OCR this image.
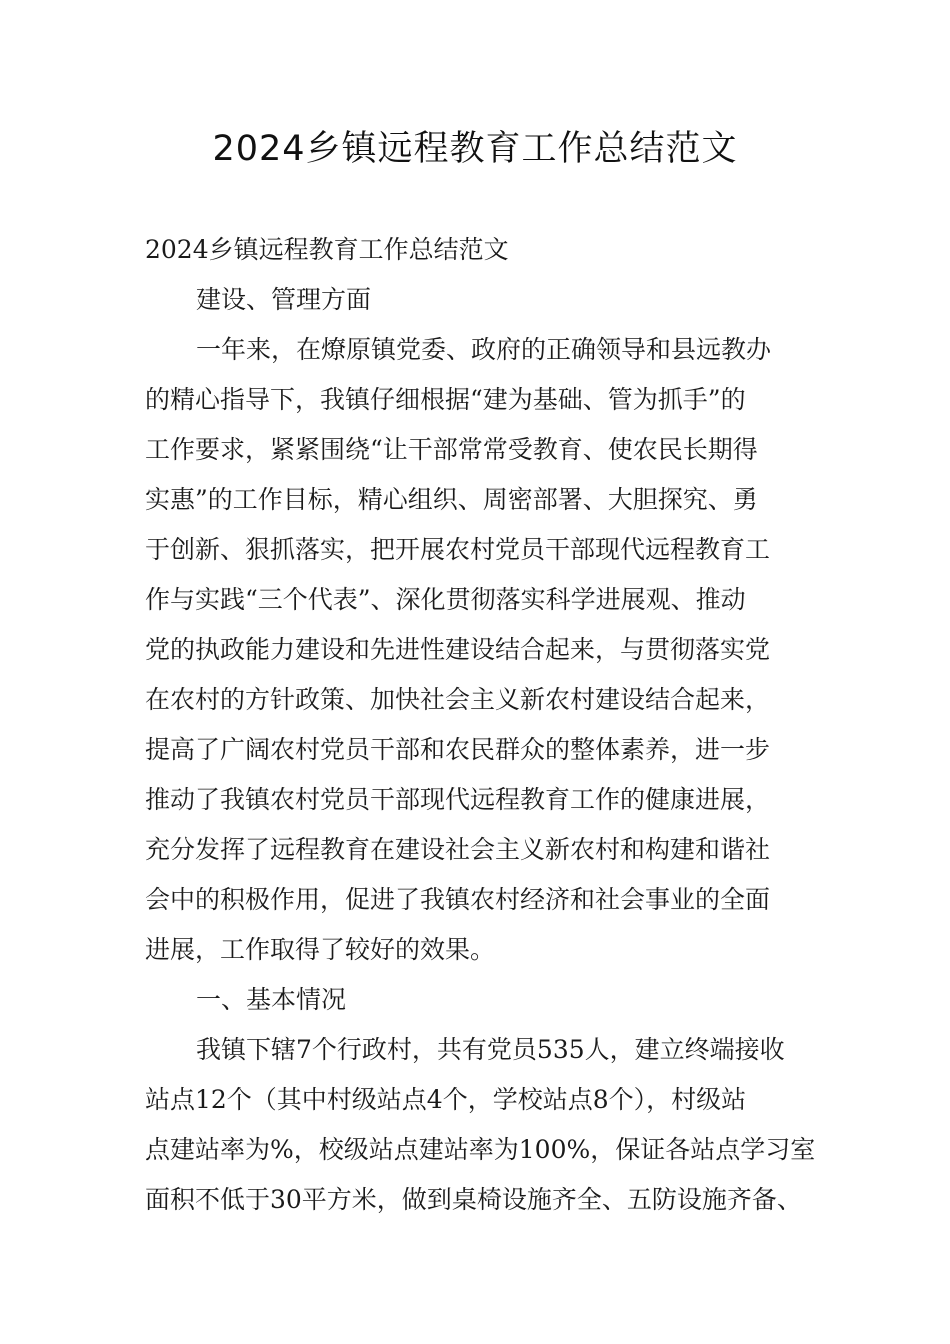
2024乡镇远程教育工作总结范文

2024乡镇远程教育工作总结范文

建设、管理方面

一年来，在燎原镇党委、政府的正确领导和县远教办

的精心指导下，我镇仔细根据“建为基础、管为抓手”的

工作要求，紧紧围绕“让干部常常受教育、使农民长期得

实惠”的工作目标，精心组织、周密部署、大胆探究、勇

于创新、狠抓落实，把开展农村党员干部现代远程教育工

作与实践“三个代表”、深化贯彻落实科学进展观、推动

党的执政能力建设和先进性建设结合起来，与贯彻落实党

在农村的方针政策、加快社会主义新农村建设结合起来，

提高了广阔农村党员干部和农民群众的整体素养，进一步

推动了我镇农村党员干部现代远程教育工作的健康进展，

充分发挥了远程教育在建设社会主义新农村和构建和谐社

会中的积极作用，促进了我镇农村经济和社会事业的全面

进展，工作取得了较好的效果。

一、基本情况

我镇下辖7个行政村，共有党员535人，建立终端接收

站点12个（其中村级站点4个，学校站点8个），村级站

点建站率为%，校级站点建站率为100%，保证各站点学习室

面积不低于30平方米，做到桌椅设施齐全、五防设施齐备、
